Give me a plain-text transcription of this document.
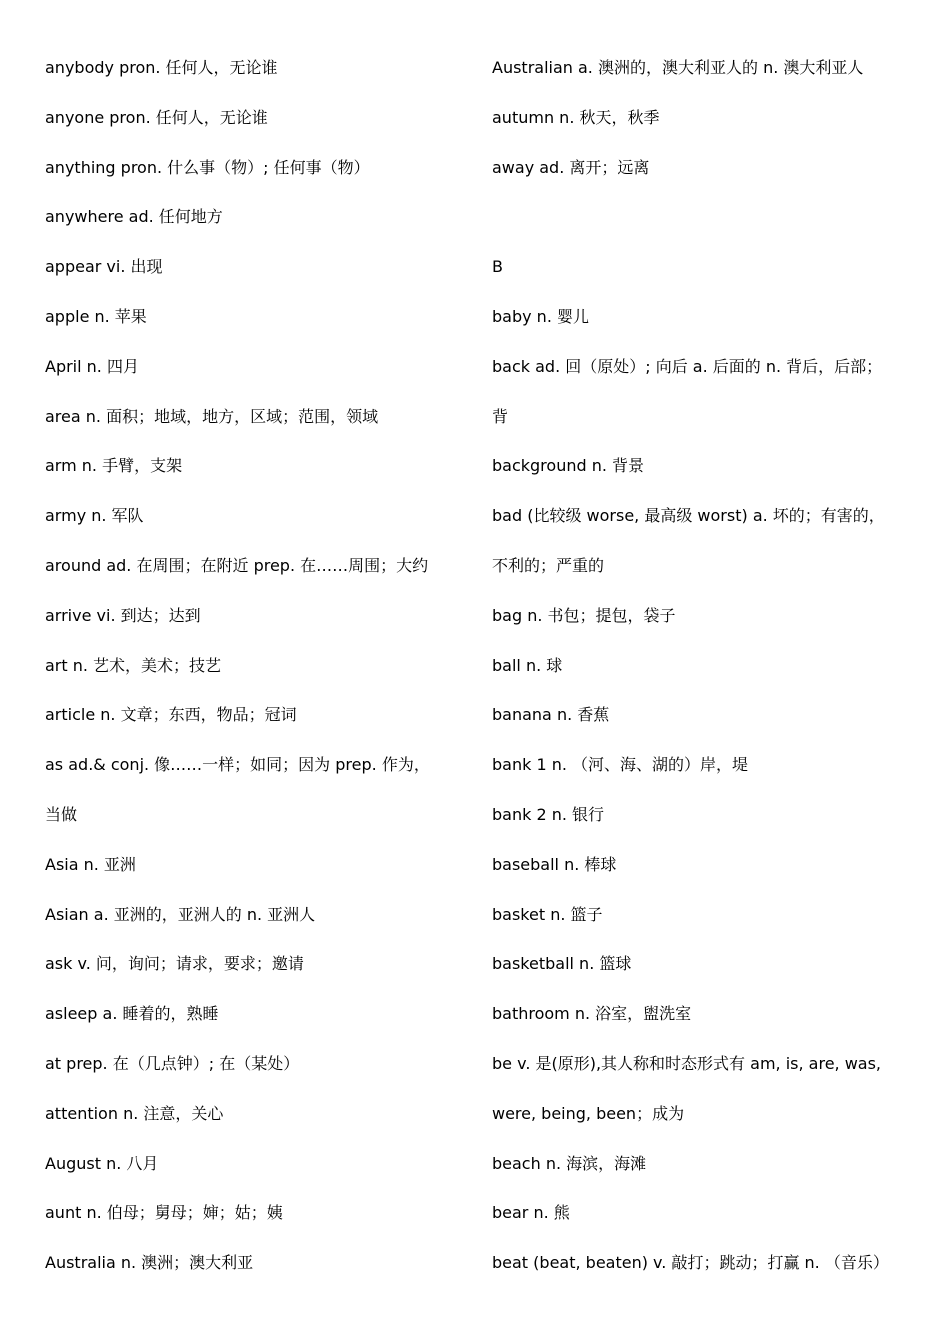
anybody pron. 任何人，无论谁
anyone pron. 任何人，无论谁
anything pron. 什么事（物）; 任何事（物）
anywhere ad. 任何地方
appear vi. 出现
apple n. 苹果
April n. 四月
area n. 面积；地域，地方，区域；范围，领域
arm n. 手臂，支架
army n. 军队
around ad. 在周围；在附近 prep. 在……周围；大约
arrive vi. 到达；达到
art n. 艺术，美术；技艺
article n. 文章；东西，物品；冠词
as ad.& conj. 像……一样；如同；因为 prep. 作为，
当做
Asia n. 亚洲
Asian a. 亚洲的，亚洲人的 n. 亚洲人
ask v. 问，询问；请求，要求；邀请
asleep a. 睡着的，熟睡
at prep. 在（几点钟）; 在（某处）
attention n. 注意，关心
August n. 八月
aunt n. 伯母；舅母；婶；姑；姨
Australia n. 澳洲；澳大利亚
Australian a. 澳洲的，澳大利亚人的 n. 澳大利亚人
autumn n. 秋天，秋季
away ad. 离开；远离
B
baby n. 婴儿
back ad. 回（原处）; 向后 a. 后面的 n. 背后，后部；
背
background n. 背景
bad (比较级 worse, 最高级 worst) a. 坏的；有害的，
不利的；严重的
bag n. 书包；提包，袋子
ball n. 球
banana n. 香蕉
bank 1 n. （河、海、湖的）岸，堤
bank 2 n. 银行
baseball n. 棒球
basket n. 篮子
basketball n. 篮球
bathroom n. 浴室，盥洗室
be v. 是(原形),其人称和时态形式有 am, is, are, was,
were, being, been；成为
beach n. 海滨，海滩
bear n. 熊
beat (beat, beaten) v. 敲打；跳动；打赢 n. （音乐）
